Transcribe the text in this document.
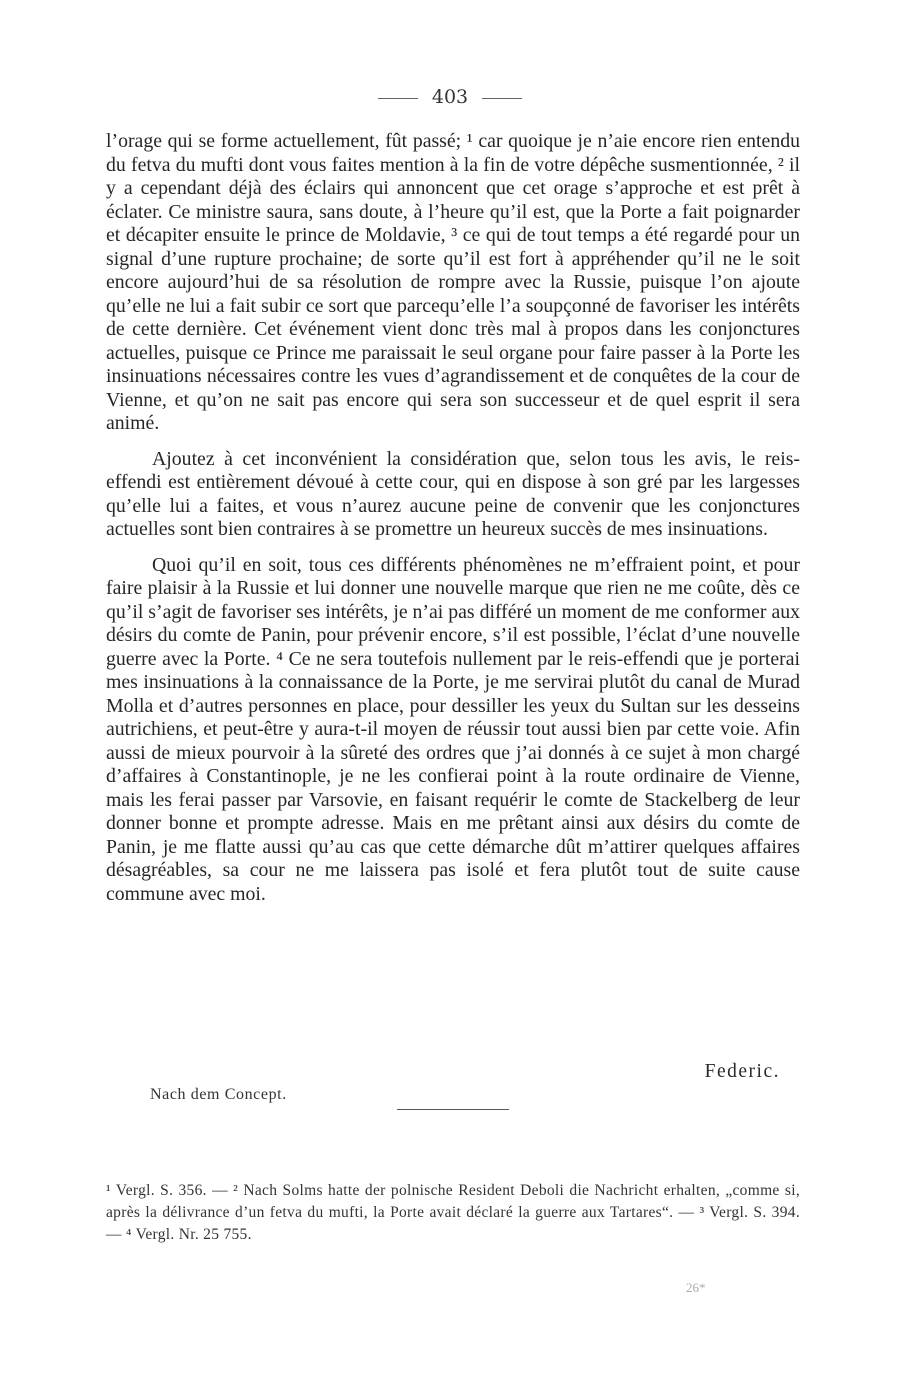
403

l’orage qui se forme actuellement, fût passé; ¹ car quoique je n’aie encore rien entendu du fetva du mufti dont vous faites mention à la fin de votre dépêche susmentionnée, ² il y a cependant déjà des éclairs qui annoncent que cet orage s’approche et est prêt à éclater. Ce ministre saura, sans doute, à l’heure qu’il est, que la Porte a fait poignarder et décapiter ensuite le prince de Moldavie, ³ ce qui de tout temps a été regardé pour un signal d’une rupture prochaine; de sorte qu’il est fort à appréhender qu’il ne le soit encore aujourd’hui de sa résolution de rompre avec la Russie, puisque l’on ajoute qu’elle ne lui a fait subir ce sort que parcequ’elle l’a soupçonné de favoriser les intérêts de cette dernière. Cet événement vient donc très mal à propos dans les conjonctures actuelles, puisque ce Prince me paraissait le seul organe pour faire passer à la Porte les insinuations nécessaires contre les vues d’agrandissement et de conquêtes de la cour de Vienne, et qu’on ne sait pas encore qui sera son successeur et de quel esprit il sera animé.

Ajoutez à cet inconvénient la considération que, selon tous les avis, le reis-effendi est entièrement dévoué à cette cour, qui en dispose à son gré par les largesses qu’elle lui a faites, et vous n’aurez aucune peine de convenir que les conjonctures actuelles sont bien contraires à se promettre un heureux succès de mes insinuations.

Quoi qu’il en soit, tous ces différents phénomènes ne m’effraient point, et pour faire plaisir à la Russie et lui donner une nouvelle marque que rien ne me coûte, dès ce qu’il s’agit de favoriser ses intérêts, je n’ai pas différé un moment de me conformer aux désirs du comte de Panin, pour prévenir encore, s’il est possible, l’éclat d’une nouvelle guerre avec la Porte. ⁴ Ce ne sera toutefois nullement par le reis-effendi que je porterai mes insinuations à la connaissance de la Porte, je me servirai plutôt du canal de Murad Molla et d’autres personnes en place, pour dessiller les yeux du Sultan sur les desseins autrichiens, et peut-être y aura-t-il moyen de réussir tout aussi bien par cette voie. Afin aussi de mieux pourvoir à la sûreté des ordres que j’ai donnés à ce sujet à mon chargé d’affaires à Constantinople, je ne les confierai point à la route ordinaire de Vienne, mais les ferai passer par Varsovie, en faisant requérir le comte de Stackelberg de leur donner bonne et prompte adresse. Mais en me prêtant ainsi aux désirs du comte de Panin, je me flatte aussi qu’au cas que cette démarche dût m’attirer quelques affaires désagréables, sa cour ne me laissera pas isolé et fera plutôt tout de suite cause commune avec moi.

Federic.
Nach dem Concept.
¹ Vergl. S. 356. — ² Nach Solms hatte der polnische Resident Deboli die Nachricht erhalten, „comme si, après la délivrance d’un fetva du mufti, la Porte avait déclaré la guerre aux Tartares“. — ³ Vergl. S. 394. — ⁴ Vergl. Nr. 25 755.
26*
